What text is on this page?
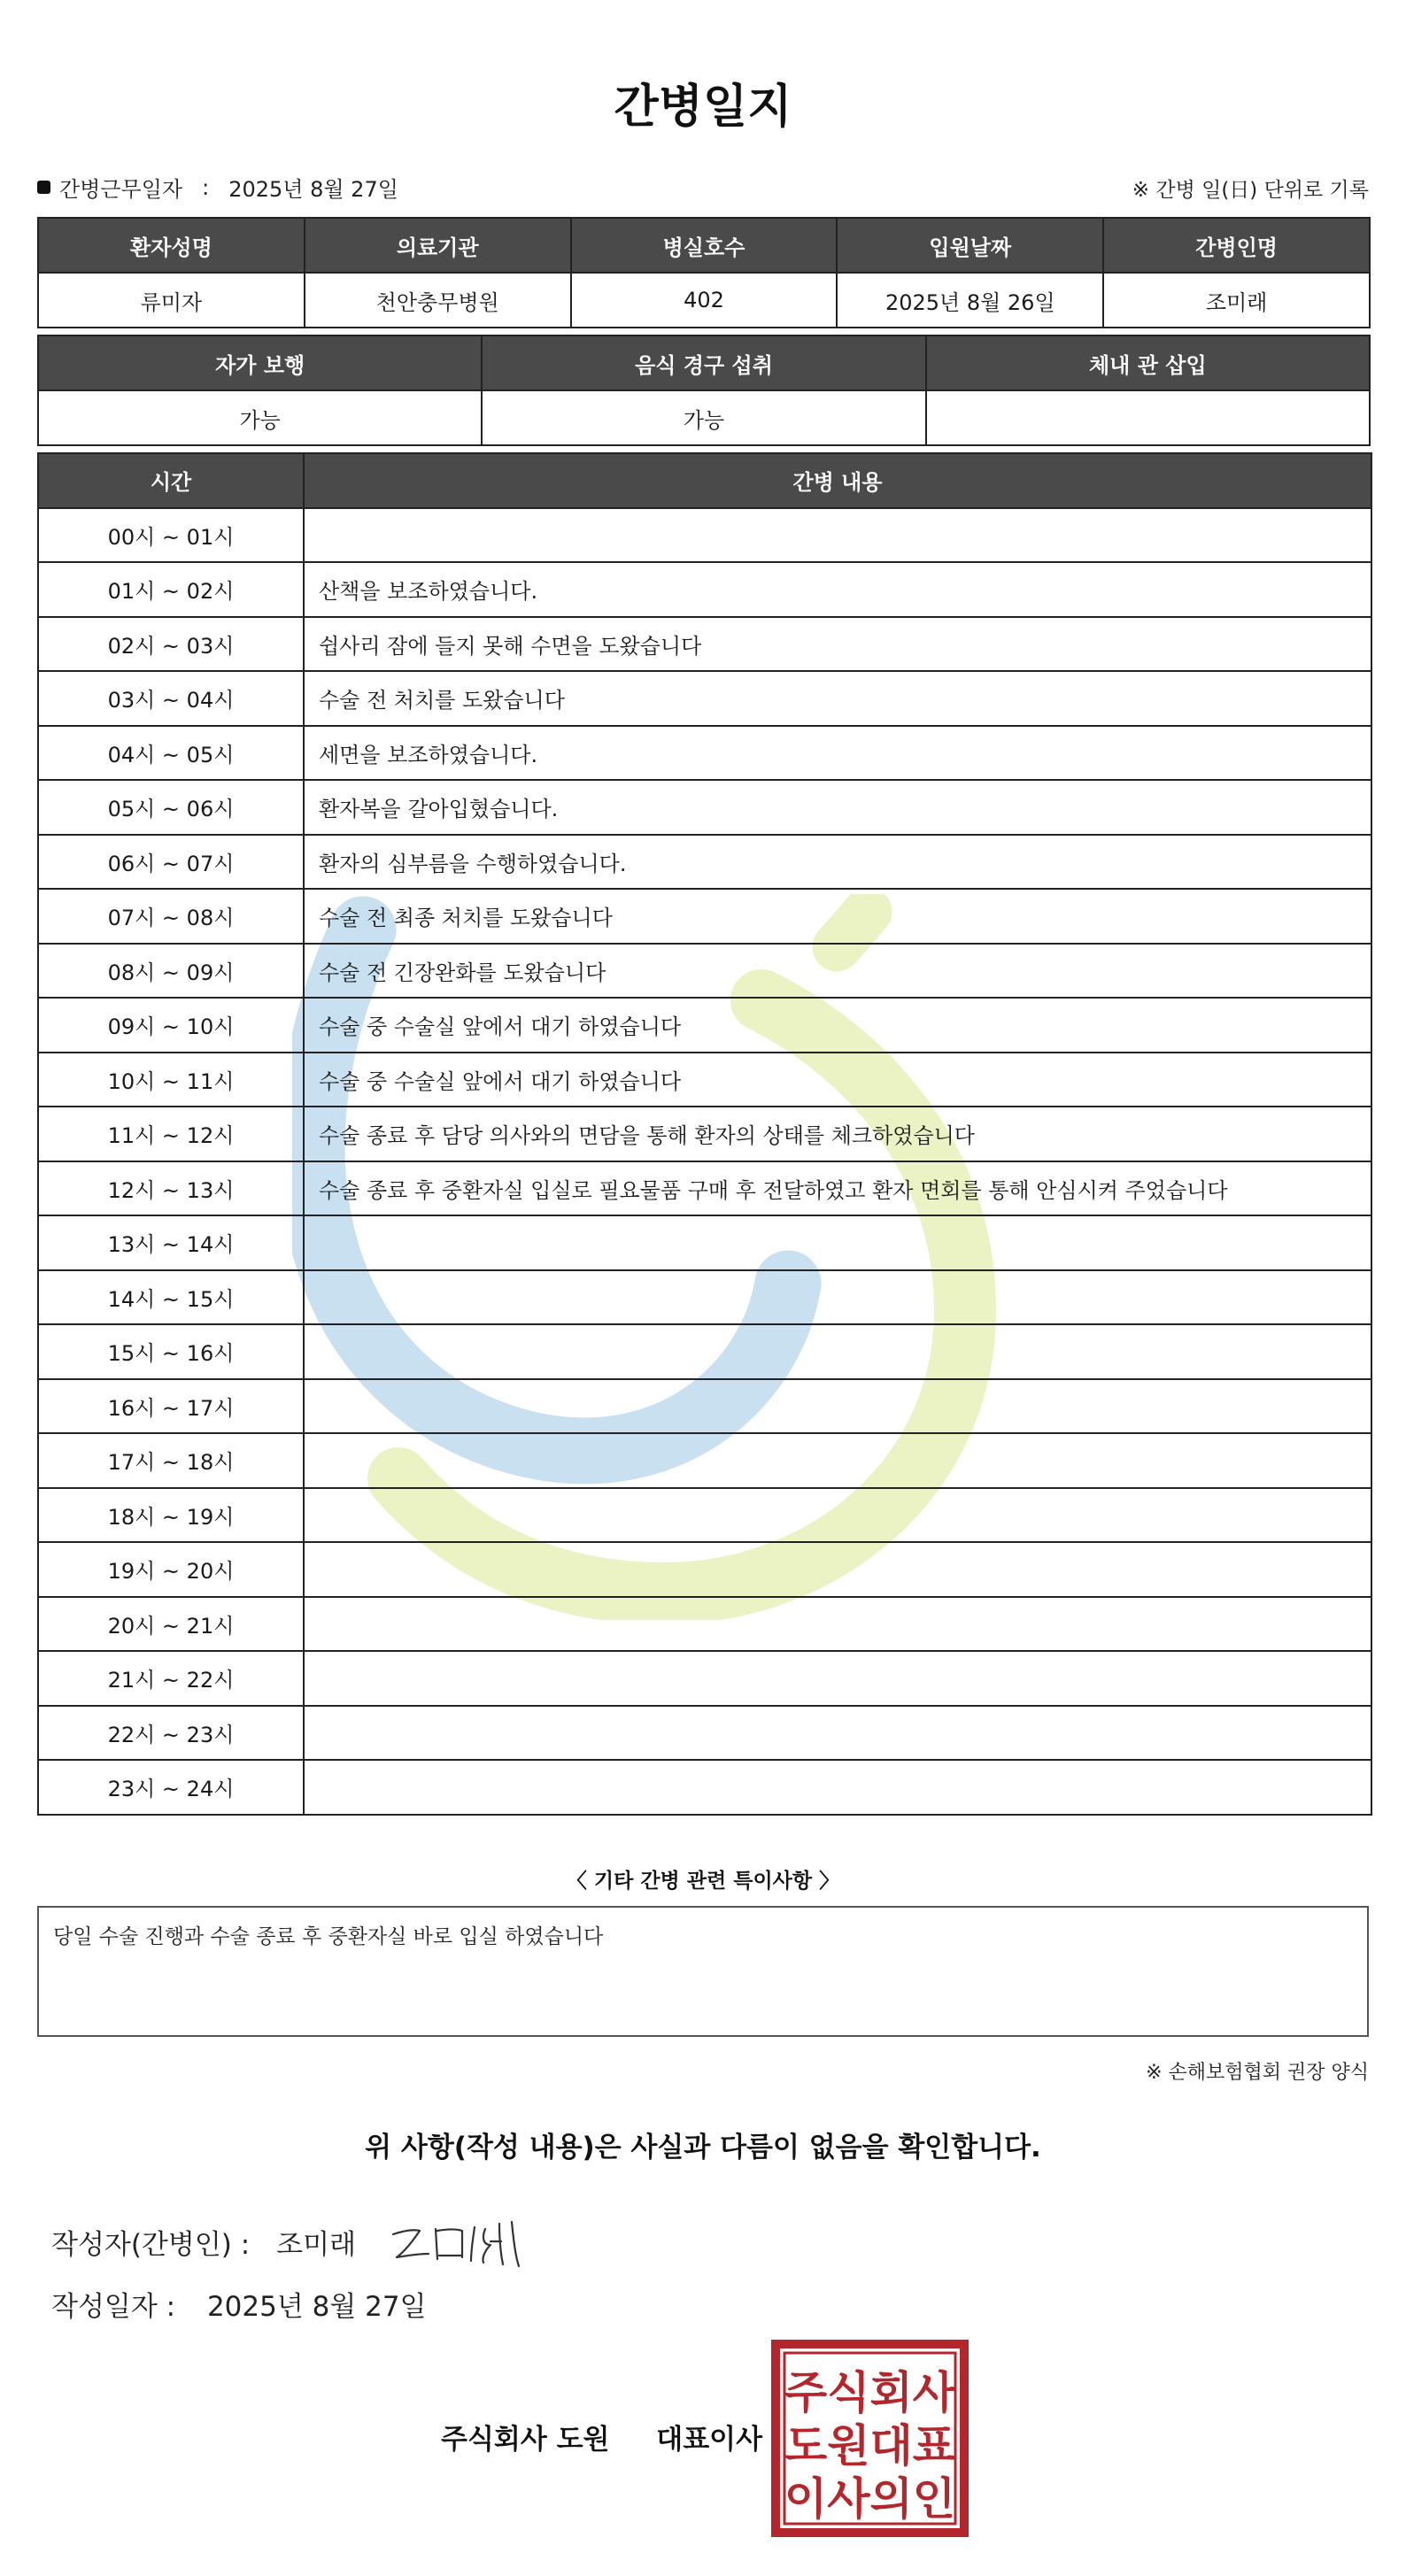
간병일지
간병근무일자 : 2025년 8월 27일	※ 간병 일(日) 단위로 기록
환자성명	의료기관	병실호수	입원날짜	간병인명
류미자	천안충무병원	402	2025년 8월 26일	조미래
자가 보행	음식 경구 섭취	체내 관 삽입
가능	가능	
시간	간병 내용
00시 ~ 01시	
01시 ~ 02시	산책을 보조하였습니다.
02시 ~ 03시	쉽사리 잠에 들지 못해 수면을 도왔습니다
03시 ~ 04시	수술 전 처치를 도왔습니다
04시 ~ 05시	세면을 보조하였습니다.
05시 ~ 06시	환자복을 갈아입혔습니다.
06시 ~ 07시	환자의 심부름을 수행하였습니다.
07시 ~ 08시	수술 전 최종 처치를 도왔습니다
08시 ~ 09시	수술 전 긴장완화를 도왔습니다
09시 ~ 10시	수술 중 수술실 앞에서 대기 하였습니다
10시 ~ 11시	수술 중 수술실 앞에서 대기 하였습니다
11시 ~ 12시	수술 종료 후 담당 의사와의 면담을 통해 환자의 상태를 체크하였습니다
12시 ~ 13시	수술 종료 후 중환자실 입실로 필요물품 구매 후 전달하였고 환자 면회를 통해 안심시켜 주었습니다
13시 ~ 14시	
14시 ~ 15시	
15시 ~ 16시	
16시 ~ 17시	
17시 ~ 18시	
18시 ~ 19시	
19시 ~ 20시	
20시 ~ 21시	
21시 ~ 22시	
22시 ~ 23시	
23시 ~ 24시	
〈 기타 간병 관련 특이사항 〉
당일 수술 진행과 수술 종료 후 중환자실 바로 입실 하였습니다
※ 손해보험협회 권장 양식
위 사항(작성 내용)은 사실과 다름이 없음을 확인합니다.
작성자(간병인) : 조미래
작성일자 : 2025년 8월 27일
주식회사 도원 대표이사
주식회사
도원대표
이사의인
